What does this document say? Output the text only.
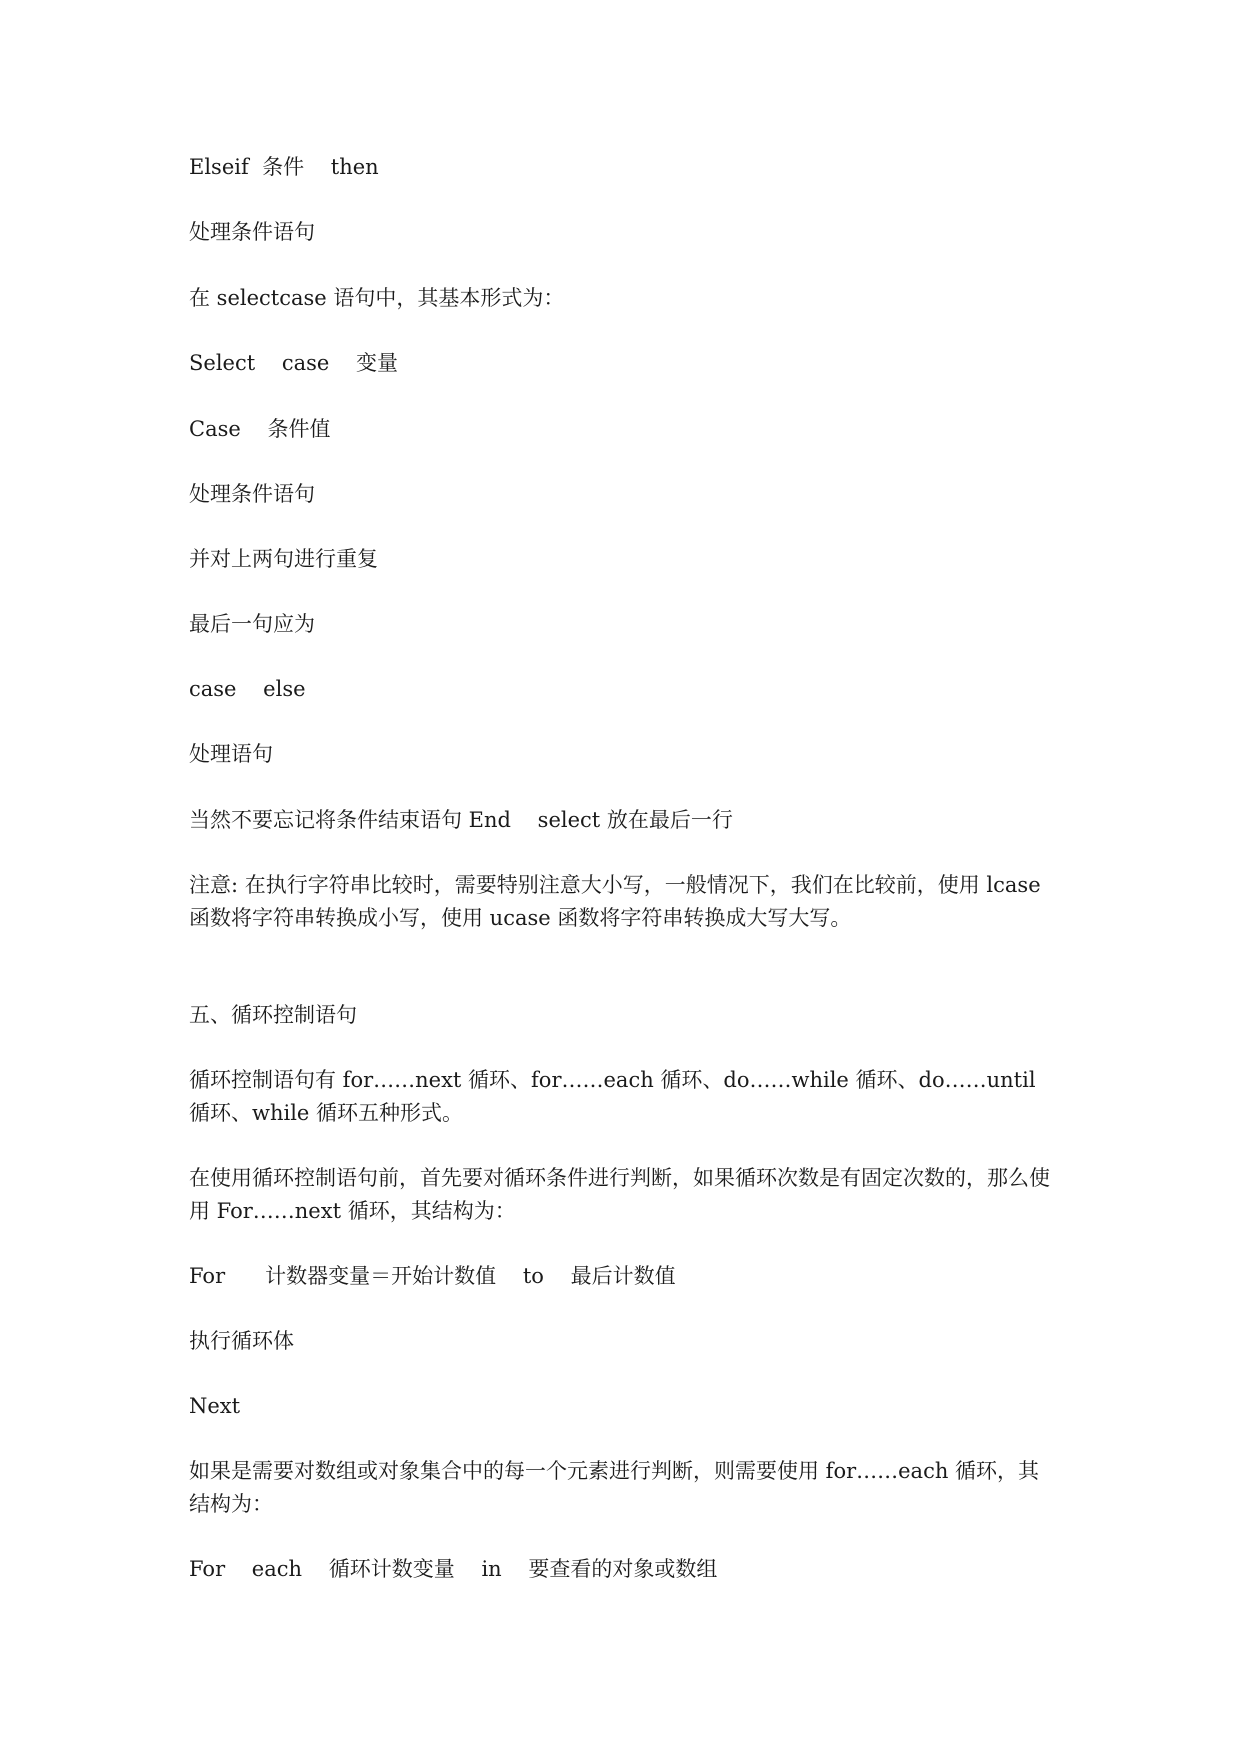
Elseif  条件    then

处理条件语句

在 selectcase 语句中，其基本形式为：

Select    case    变量

Case    条件值

处理条件语句

并对上两句进行重复

最后一句应为

case    else

处理语句

当然不要忘记将条件结束语句 End    select 放在最后一行

注意: 在执行字符串比较时，需要特别注意大小写，一般情况下，我们在比较前，使用 lcase 函数将字符串转换成小写，使用 ucase 函数将字符串转换成大写大写。

五、循环控制语句

循环控制语句有 for……next 循环、for……each 循环、do……while 循环、do……until 循环、while 循环五种形式。

在使用循环控制语句前，首先要对循环条件进行判断，如果循环次数是有固定次数的，那么使用 For……next 循环，其结构为：

For      计数器变量＝开始计数值    to    最后计数值

执行循环体

Next

如果是需要对数组或对象集合中的每一个元素进行判断，则需要使用 for……each 循环，其结构为：

For    each    循环计数变量    in    要查看的对象或数组
